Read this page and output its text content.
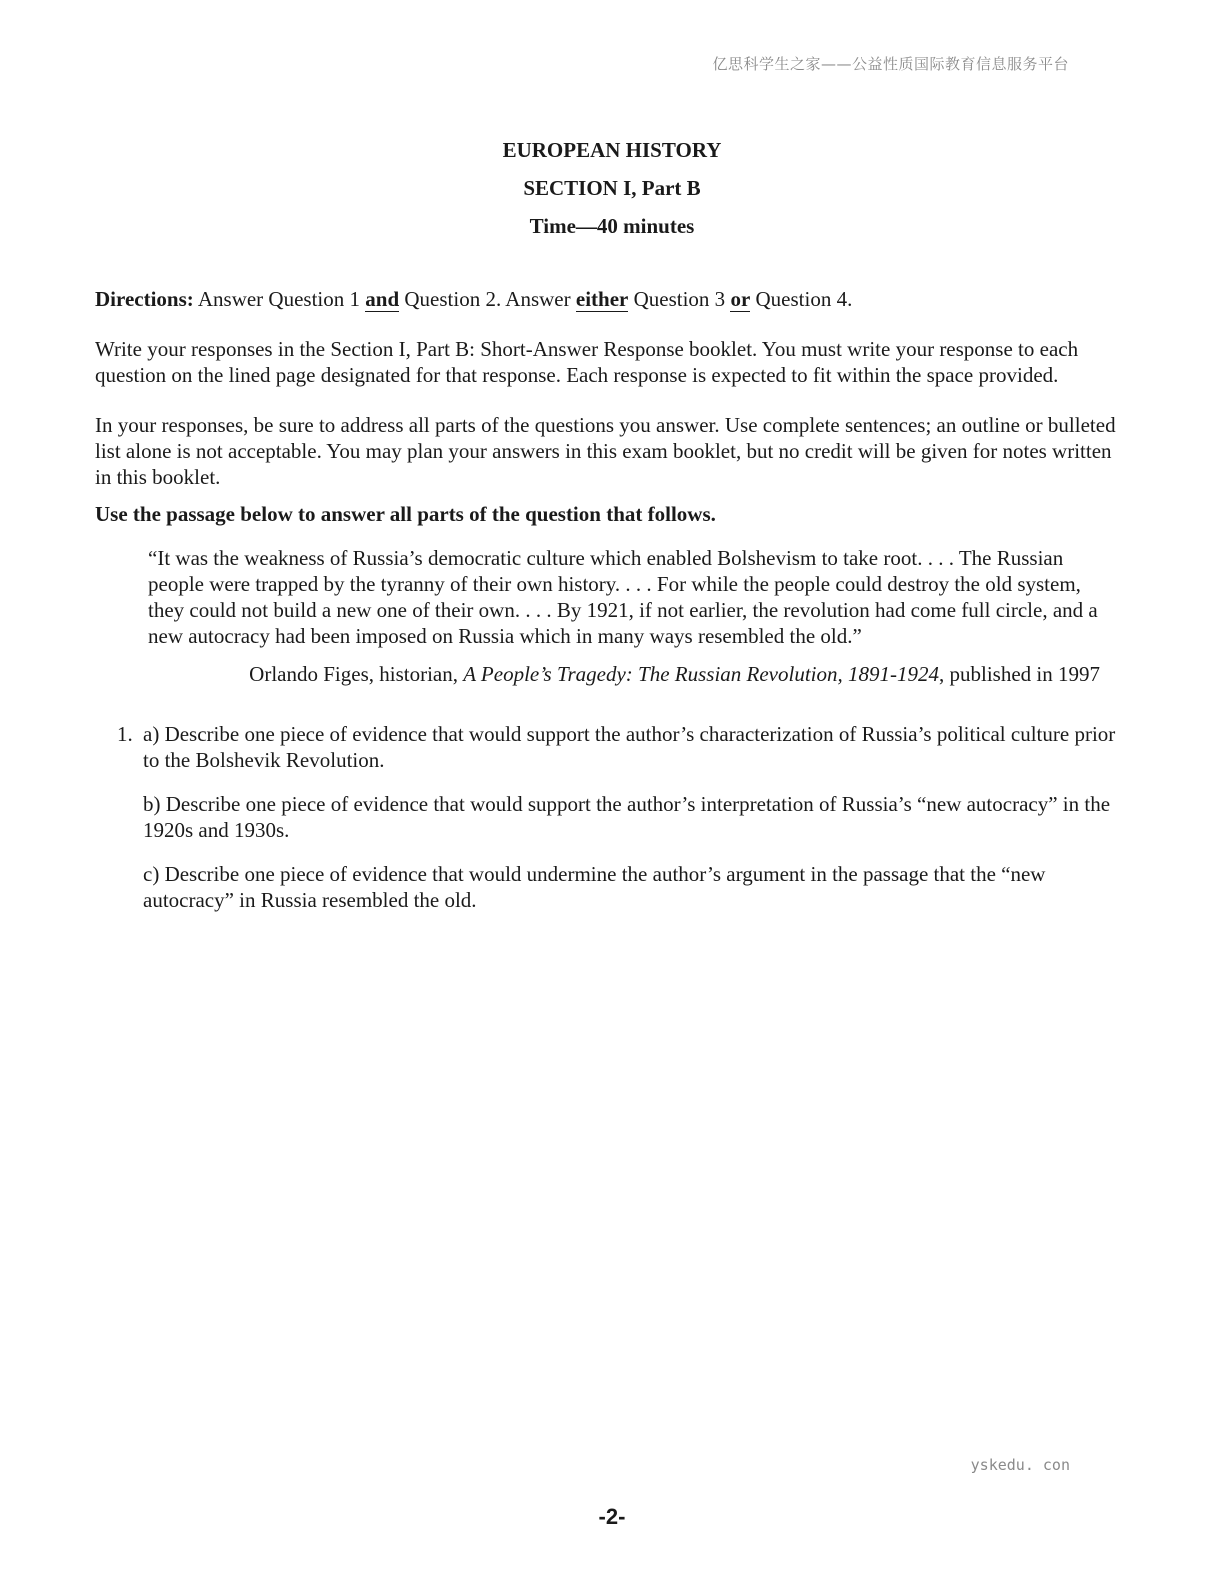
亿思科学生之家——公益性质国际教育信息服务平台
EUROPEAN HISTORY
SECTION I, Part B
Time—40 minutes

Directions: Answer Question 1 and Question 2. Answer either Question 3 or Question 4.

Write your responses in the Section I, Part B: Short-Answer Response booklet. You must write your response to each question on the lined page designated for that response. Each response is expected to fit within the space provided.

In your responses, be sure to address all parts of the questions you answer. Use complete sentences; an outline or bulleted list alone is not acceptable. You may plan your answers in this exam booklet, but no credit will be given for notes written in this booklet.

Use the passage below to answer all parts of the question that follows.

“It was the weakness of Russia’s democratic culture which enabled Bolshevism to take root. . . . The Russian people were trapped by the tyranny of their own history. . . . For while the people could destroy the old system, they could not build a new one of their own. . . . By 1921, if not earlier, the revolution had come full circle, and a new autocracy had been imposed on Russia which in many ways resembled the old.”

Orlando Figes, historian, A People’s Tragedy: The Russian Revolution, 1891-1924, published in 1997

1. a) Describe one piece of evidence that would support the author’s characterization of Russia’s political culture prior to the Bolshevik Revolution.

b) Describe one piece of evidence that would support the author’s interpretation of Russia’s “new autocracy” in the 1920s and 1930s.

c) Describe one piece of evidence that would undermine the author’s argument in the passage that the “new autocracy” in Russia resembled the old.

yskedu. con
-2-
